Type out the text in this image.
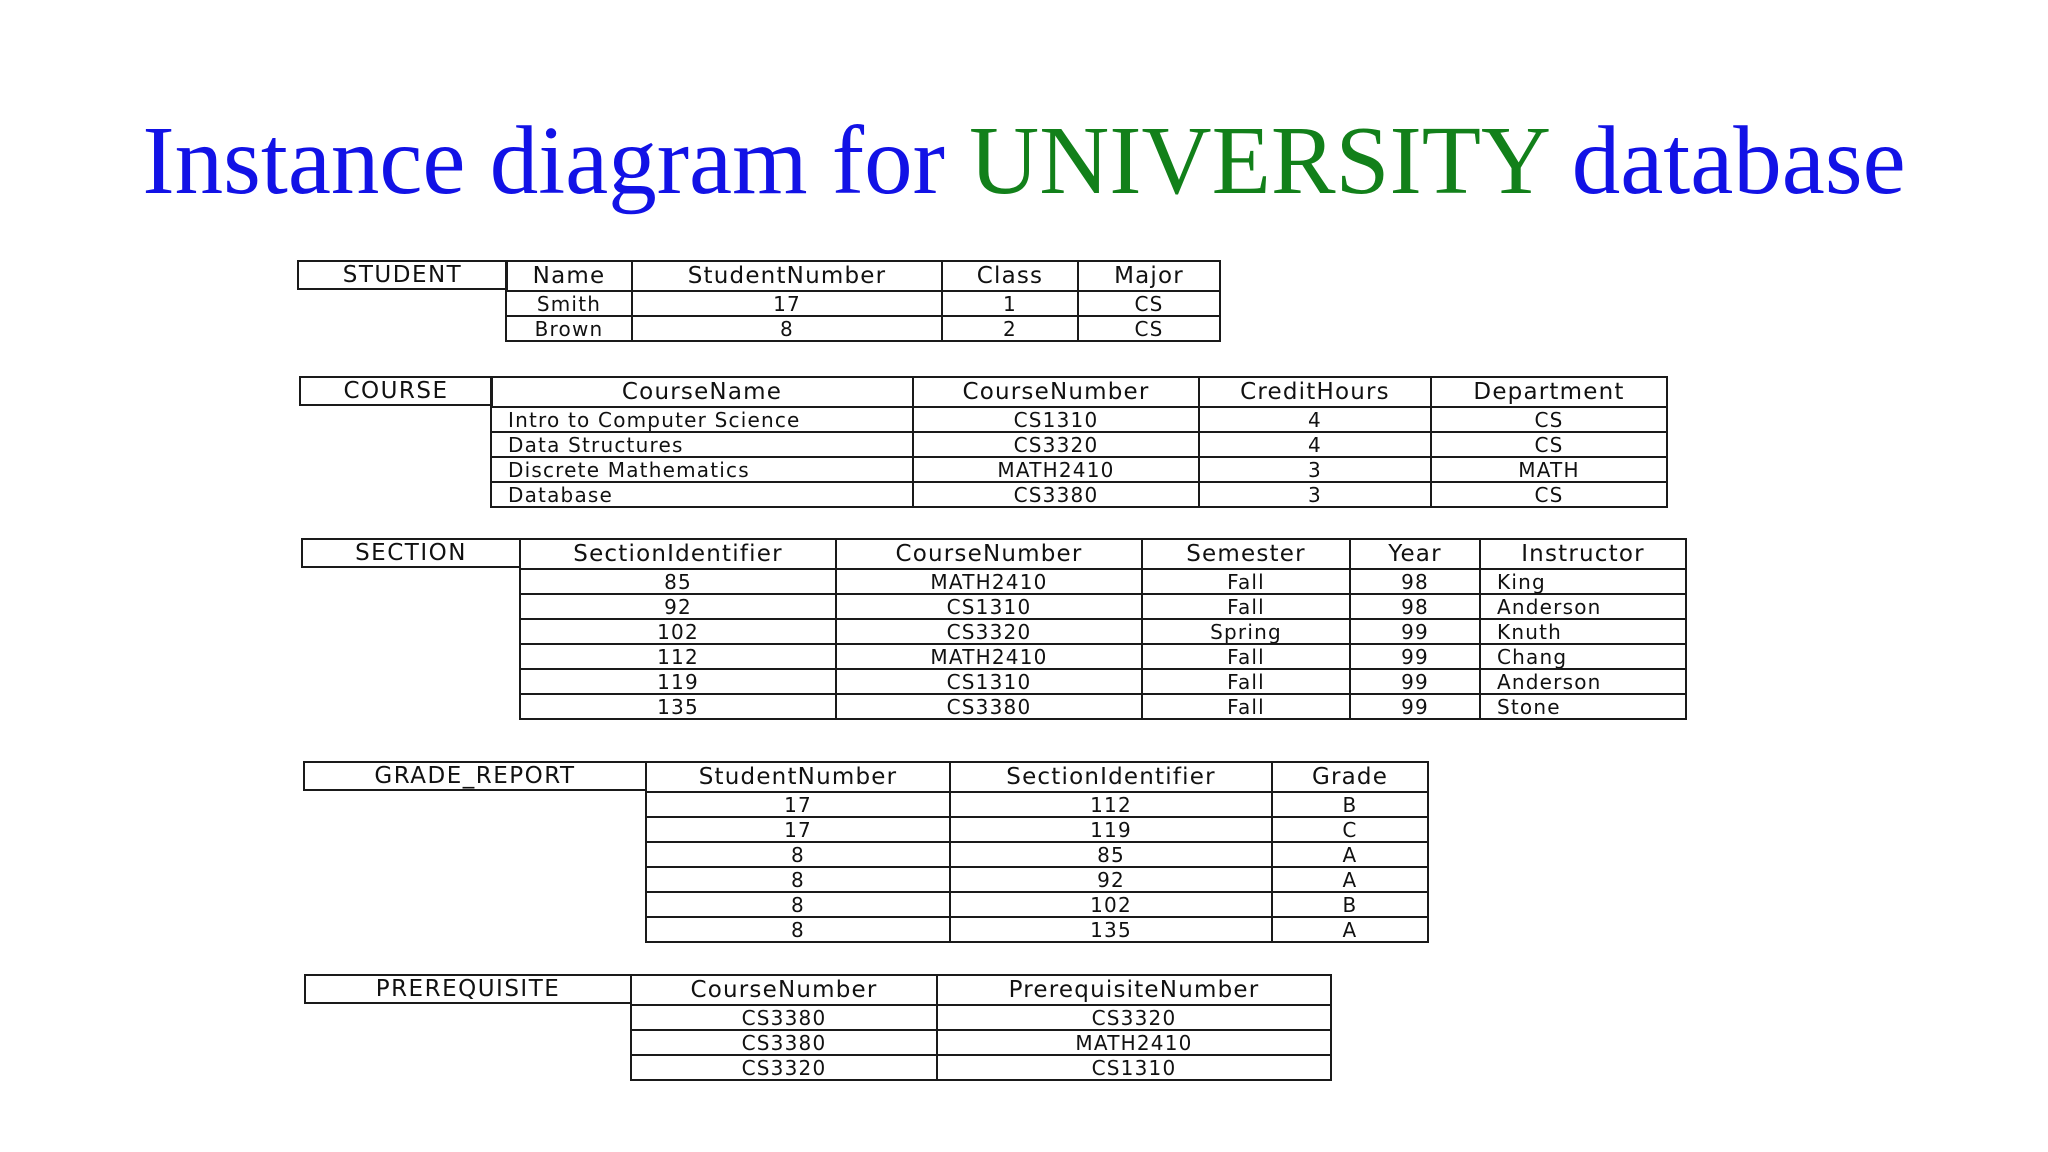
Instance diagram for UNIVERSITY database
STUDENT	Name	StudentNumber	Class	Major
Smith	17	1	CS
Brown	8	2	CS
COURSE	CourseName	CourseNumber	CreditHours	Department
Intro to Computer Science	CS1310	4	CS
Data Structures	CS3320	4	CS
Discrete Mathematics	MATH2410	3	MATH
Database	CS3380	3	CS
SECTION	SectionIdentifier	CourseNumber	Semester	Year	Instructor
85	MATH2410	Fall	98	King
92	CS1310	Fall	98	Anderson
102	CS3320	Spring	99	Knuth
112	MATH2410	Fall	99	Chang
119	CS1310	Fall	99	Anderson
135	CS3380	Fall	99	Stone
GRADE_REPORT	StudentNumber	SectionIdentifier	Grade
17	112	B
17	119	C
8	85	A
8	92	A
8	102	B
8	135	A
PREREQUISITE	CourseNumber	PrerequisiteNumber
CS3380	CS3320
CS3380	MATH2410
CS3320	CS1310
